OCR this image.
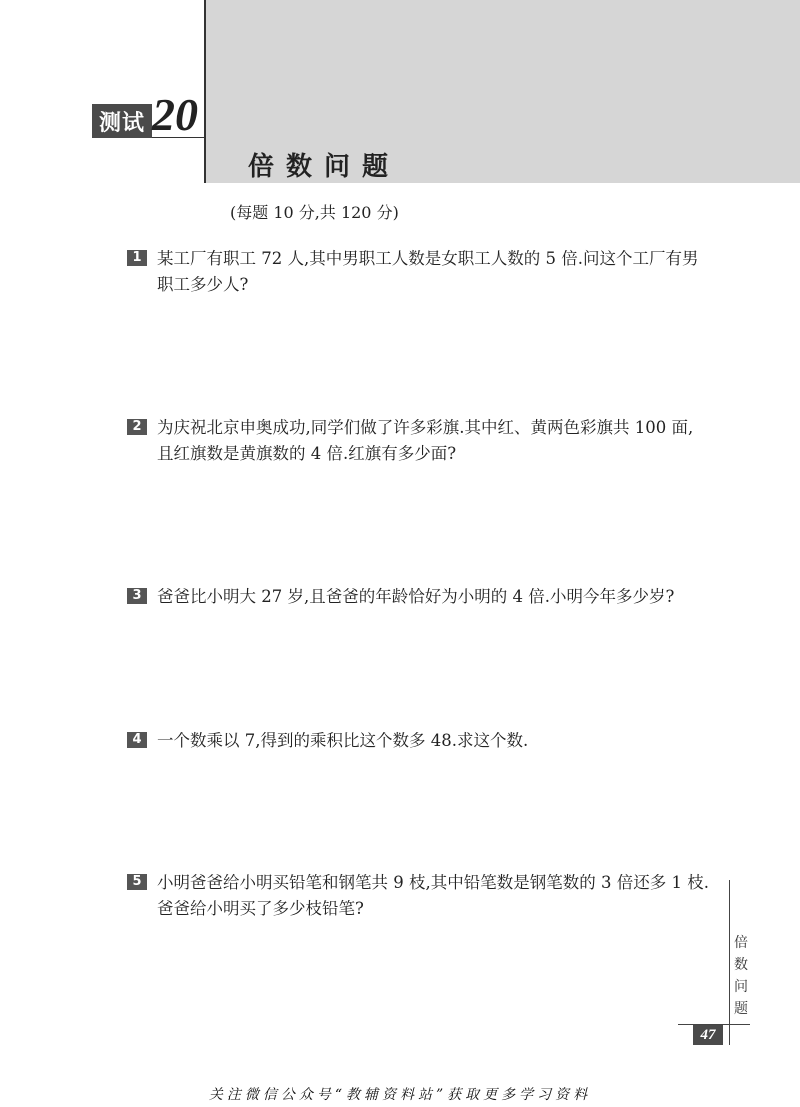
测试 20
倍数问题
(每题 10 分,共 120 分)
1 某工厂有职工 72 人,其中男职工人数是女职工人数的 5 倍.问这个工厂有男
职工多少人?
2 为庆祝北京申奥成功,同学们做了许多彩旗.其中红、黄两色彩旗共 100 面,
且红旗数是黄旗数的 4 倍.红旗有多少面?
3 爸爸比小明大 27 岁,且爸爸的年龄恰好为小明的 4 倍.小明今年多少岁?
4 一个数乘以 7,得到的乘积比这个数多 48.求这个数.
5 小明爸爸给小明买铅笔和钢笔共 9 枝,其中铅笔数是钢笔数的 3 倍还多 1 枝.
爸爸给小明买了多少枝铅笔?
倍
数
问
题
47
关注微信公众号“教辅资料站”获取更多学习资料
